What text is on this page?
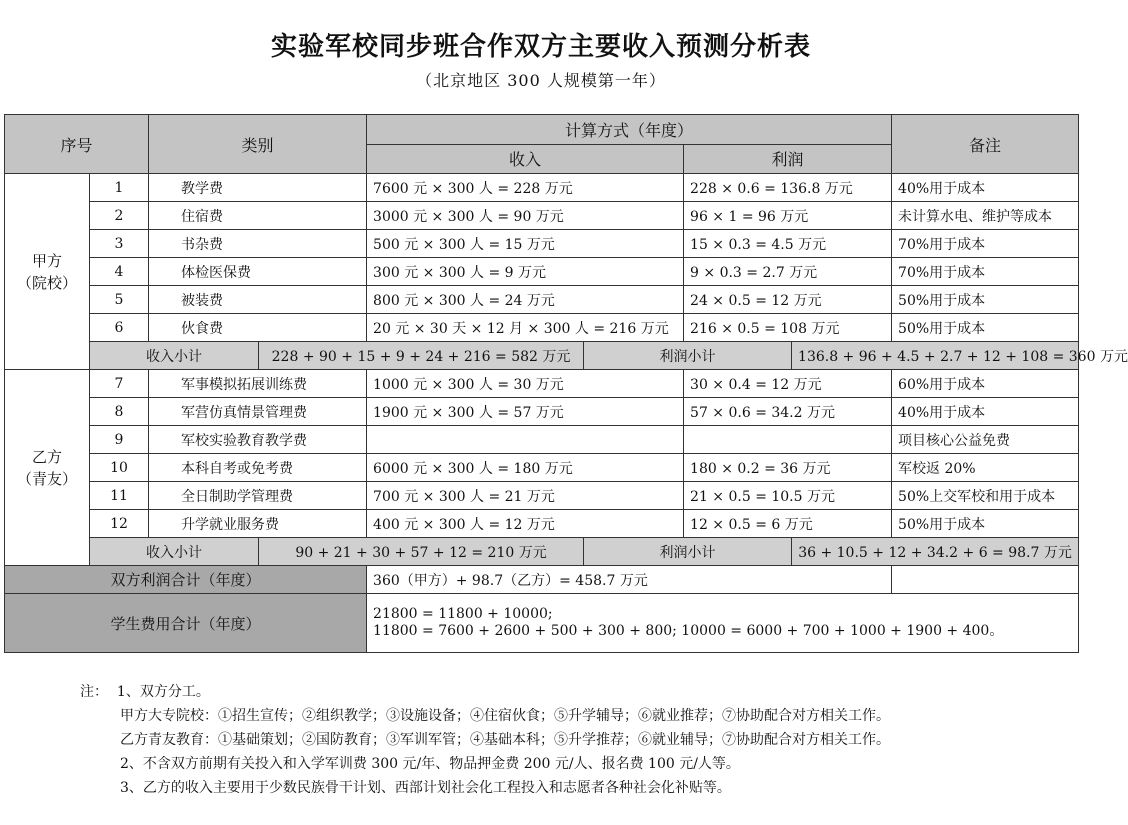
实验军校同步班合作双方主要收入预测分析表
（北京地区 300 人规模第一年）
序号		类别		计算方式（年度）				备注
				收入		利润		

甲方
（院校）	1	教学费		7600 元 × 300 人 = 228 万元		228 × 0.6 = 136.8 万元		40%用于成本
	2	住宿费		3000 元 × 300 人 = 90 万元		96 × 1 = 96 万元		未计算水电、维护等成本
	3	书杂费		500 元 × 300 人 = 15 万元		15 × 0.3 = 4.5 万元		70%用于成本
	4	体检医保费		300 元 × 300 人 = 9 万元		9 × 0.3 = 2.7 万元		70%用于成本
	5	被装费		800 元 × 300 人 = 24 万元		24 × 0.5 = 12 万元		50%用于成本
	6	伙食费		20 元 × 30 天 × 12 月 × 300 人 = 216 万元		216 × 0.5 = 108 万元		50%用于成本
	收入小计		228 + 90 + 15 + 9 + 24 + 216 = 582 万元		利润小计		136.8 + 96 + 4.5 + 2.7 + 12 + 108 = 360 万元	

乙方
（青友）	7	军事模拟拓展训练费		1000 元 × 300 人 = 30 万元		30 × 0.4 = 12 万元		60%用于成本
	8	军营仿真情景管理费		1900 元 × 300 人 = 57 万元		57 × 0.6 = 34.2 万元		40%用于成本
	9	军校实验教育教学费						项目核心公益免费
	10	本科自考或免考费		6000 元 × 300 人 = 180 万元		180 × 0.2 = 36 万元		军校返 20%
	11	全日制助学管理费		700 元 × 300 人 = 21 万元		21 × 0.5 = 10.5 万元		50%上交军校和用于成本
	12	升学就业服务费		400 元 × 300 人 = 12 万元		12 × 0.5 = 6 万元		50%用于成本
	收入小计		90 + 21 + 30 + 57 + 12 = 210 万元		利润小计		36 + 10.5 + 12 + 34.2 + 6 = 98.7 万元	
双方利润合计（年度）				360（甲方）+ 98.7（乙方）= 458.7 万元				
学生费用合计（年度）				21800 = 11800 + 10000;
11800 = 7600 + 2600 + 500 + 300 + 800; 10000 = 6000 + 700 + 1000 + 1900 + 400。				
注： 1、双方分工。
甲方大专院校：①招生宣传；②组织教学；③设施设备；④住宿伙食；⑤升学辅导；⑥就业推荐；⑦协助配合对方相关工作。
乙方青友教育：①基础策划；②国防教育；③军训军管；④基础本科；⑤升学推荐；⑥就业辅导；⑦协助配合对方相关工作。
2、不含双方前期有关投入和入学军训费 300 元/年、物品押金费 200 元/人、报名费 100 元/人等。
3、乙方的收入主要用于少数民族骨干计划、西部计划社会化工程投入和志愿者各种社会化补贴等。
